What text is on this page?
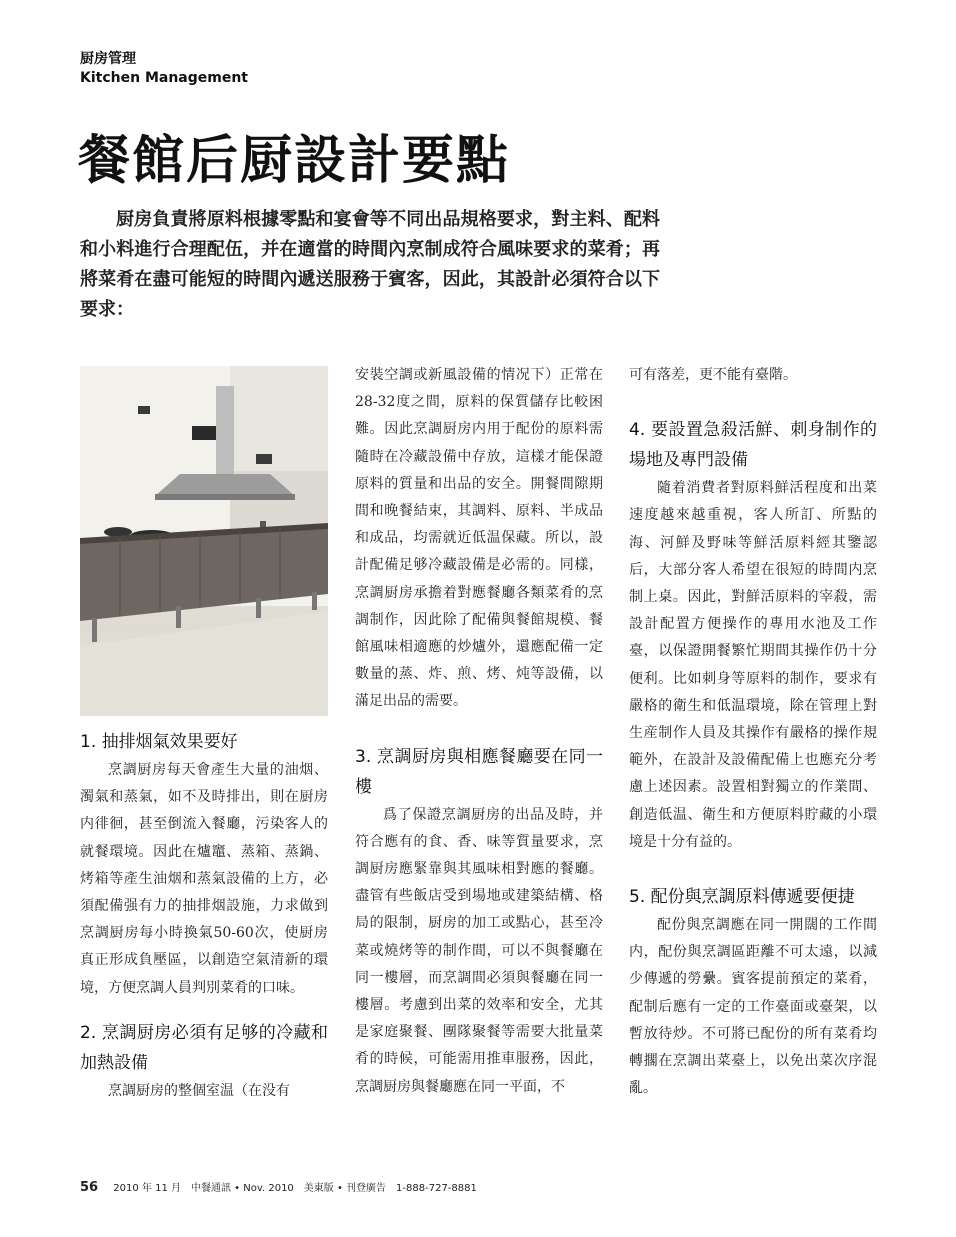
厨房管理
Kitchen Management
餐館后厨設計要點

厨房負責將原料根據零點和宴會等不同出品規格要求，對主料、配料和小料進行合理配伍，并在適當的時間內烹制成符合風味要求的菜肴；再將菜肴在盡可能短的時間內遞送服務于賓客，因此，其設計必須符合以下要求：

1. 抽排烟氣效果要好

烹調厨房每天會產生大量的油烟、濁氣和蒸氣，如不及時排出，則在厨房内徘徊，甚至倒流入餐廳，污染客人的就餐環境。因此在爐竈、蒸箱、蒸鍋、烤箱等產生油烟和蒸氣設備的上方，必須配備强有力的抽排烟設施，力求做到烹調厨房每小時換氣50-60次，使厨房真正形成負壓區，以創造空氣清新的環境，方便烹調人員判別菜肴的口味。

2. 烹調厨房必須有足够的冷藏和加熱設備

烹調厨房的整個室温（在没有

安裝空調或新風設備的情况下）正常在28-32度之間，原料的保質儲存比較困難。因此烹調厨房内用于配份的原料需隨時在冷藏設備中存放，這樣才能保證原料的質量和出品的安全。開餐間隙期間和晚餐結束，其調料、原料、半成品和成品，均需就近低温保藏。所以，設計配備足够冷藏設備是必需的。同樣，烹調厨房承擔着對應餐廳各類菜肴的烹調制作，因此除了配備與餐館規模、餐館風味相適應的炒爐外，還應配備一定數量的蒸、炸、煎、烤、炖等設備，以滿足出品的需要。

3. 烹調厨房與相應餐廳要在同一樓

爲了保證烹調厨房的出品及時，并符合應有的食、香、味等質量要求，烹調厨房應緊靠與其風味相對應的餐廳。盡管有些飯店受到場地或建築結構、格局的限制，厨房的加工或點心，甚至冷菜或燒烤等的制作間，可以不與餐廳在同一樓層，而烹調間必須與餐廳在同一樓層。考慮到出菜的效率和安全，尤其是家庭聚餐、團隊聚餐等需要大批量菜肴的時候，可能需用推車服務，因此，烹調厨房與餐廳應在同一平面，不

可有落差，更不能有臺階。

4. 要設置急殺活鮮、刺身制作的場地及專門設備

隨着消費者對原料鮮活程度和出菜速度越來越重視，客人所訂、所點的海、河鮮及野味等鮮活原料經其鑒認后，大部分客人希望在很短的時間内烹制上桌。因此，對鮮活原料的宰殺，需設計配置方便操作的專用水池及工作臺，以保證開餐繁忙期間其操作仍十分便利。比如刺身等原料的制作，要求有嚴格的衛生和低温環境，除在管理上對生産制作人員及其操作有嚴格的操作規範外，在設計及設備配備上也應充分考慮上述因素。設置相對獨立的作業間、創造低温、衛生和方便原料貯藏的小環境是十分有益的。

5. 配份與烹調原料傳遞要便捷

配份與烹調應在同一開闊的工作間内，配份與烹調區距離不可太遠，以減少傳遞的勞纍。賓客提前預定的菜肴，配制后應有一定的工作臺面或臺架，以暫放待炒。不可將已配份的所有菜肴均轉擱在烹調出菜臺上，以免出菜次序混亂。

56 2010 年 11 月　中餐通訊 • Nov. 2010　美東版 • 刊登廣告　1-888-727-8881
